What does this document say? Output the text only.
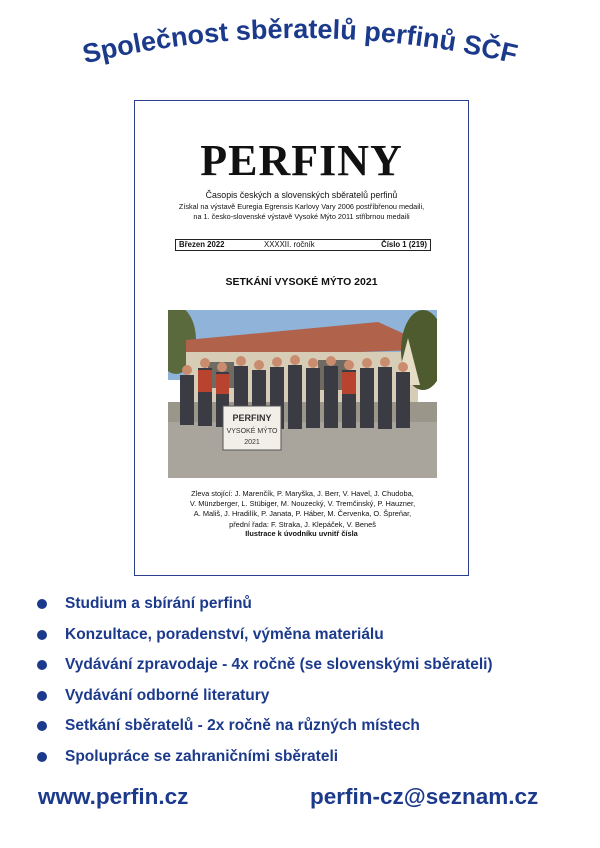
Společnost sběratelů perfinů SČF
PERFINY
Časopis českých a slovenských sběratelů perfinů
Získal na výstavě Euregia Egrensis Karlovy Vary 2006 postříbřenou medaili,
na 1. česko-slovenské výstavě Vysoké Mýto 2011 stříbrnou medaili
Březen 2022	XXXXII. ročník	Číslo 1 (219)
SETKÁNÍ VYSOKÉ MÝTO 2021
PERFINY
VYSOKÉ MÝTO
2021
Zleva stojící: J. Marenčík, P. Maryška, J. Berr, V. Havel, J. Chudoba,
V. Münzberger, L. Stübiger, M. Nouzecký, V. Tremčinský, P. Hauzner,
A. Mališ, J. Hradilík, P. Janata, P. Háber, M. Červenka, O. Špreňar,
přední řada: F. Straka, J. Klepáček, V. Beneš
Ilustrace k úvodníku uvnitř čísla
Studium a sbírání perfinů
Konzultace, poradenství, výměna materiálu
Vydávání zpravodaje - 4x ročně (se slovenskými sběrateli)
Vydávání odborné literatury
Setkání sběratelů - 2x ročně na různých místech
Spolupráce se zahraničními sběrateli
www.perfin.cz	perfin-cz@seznam.cz
